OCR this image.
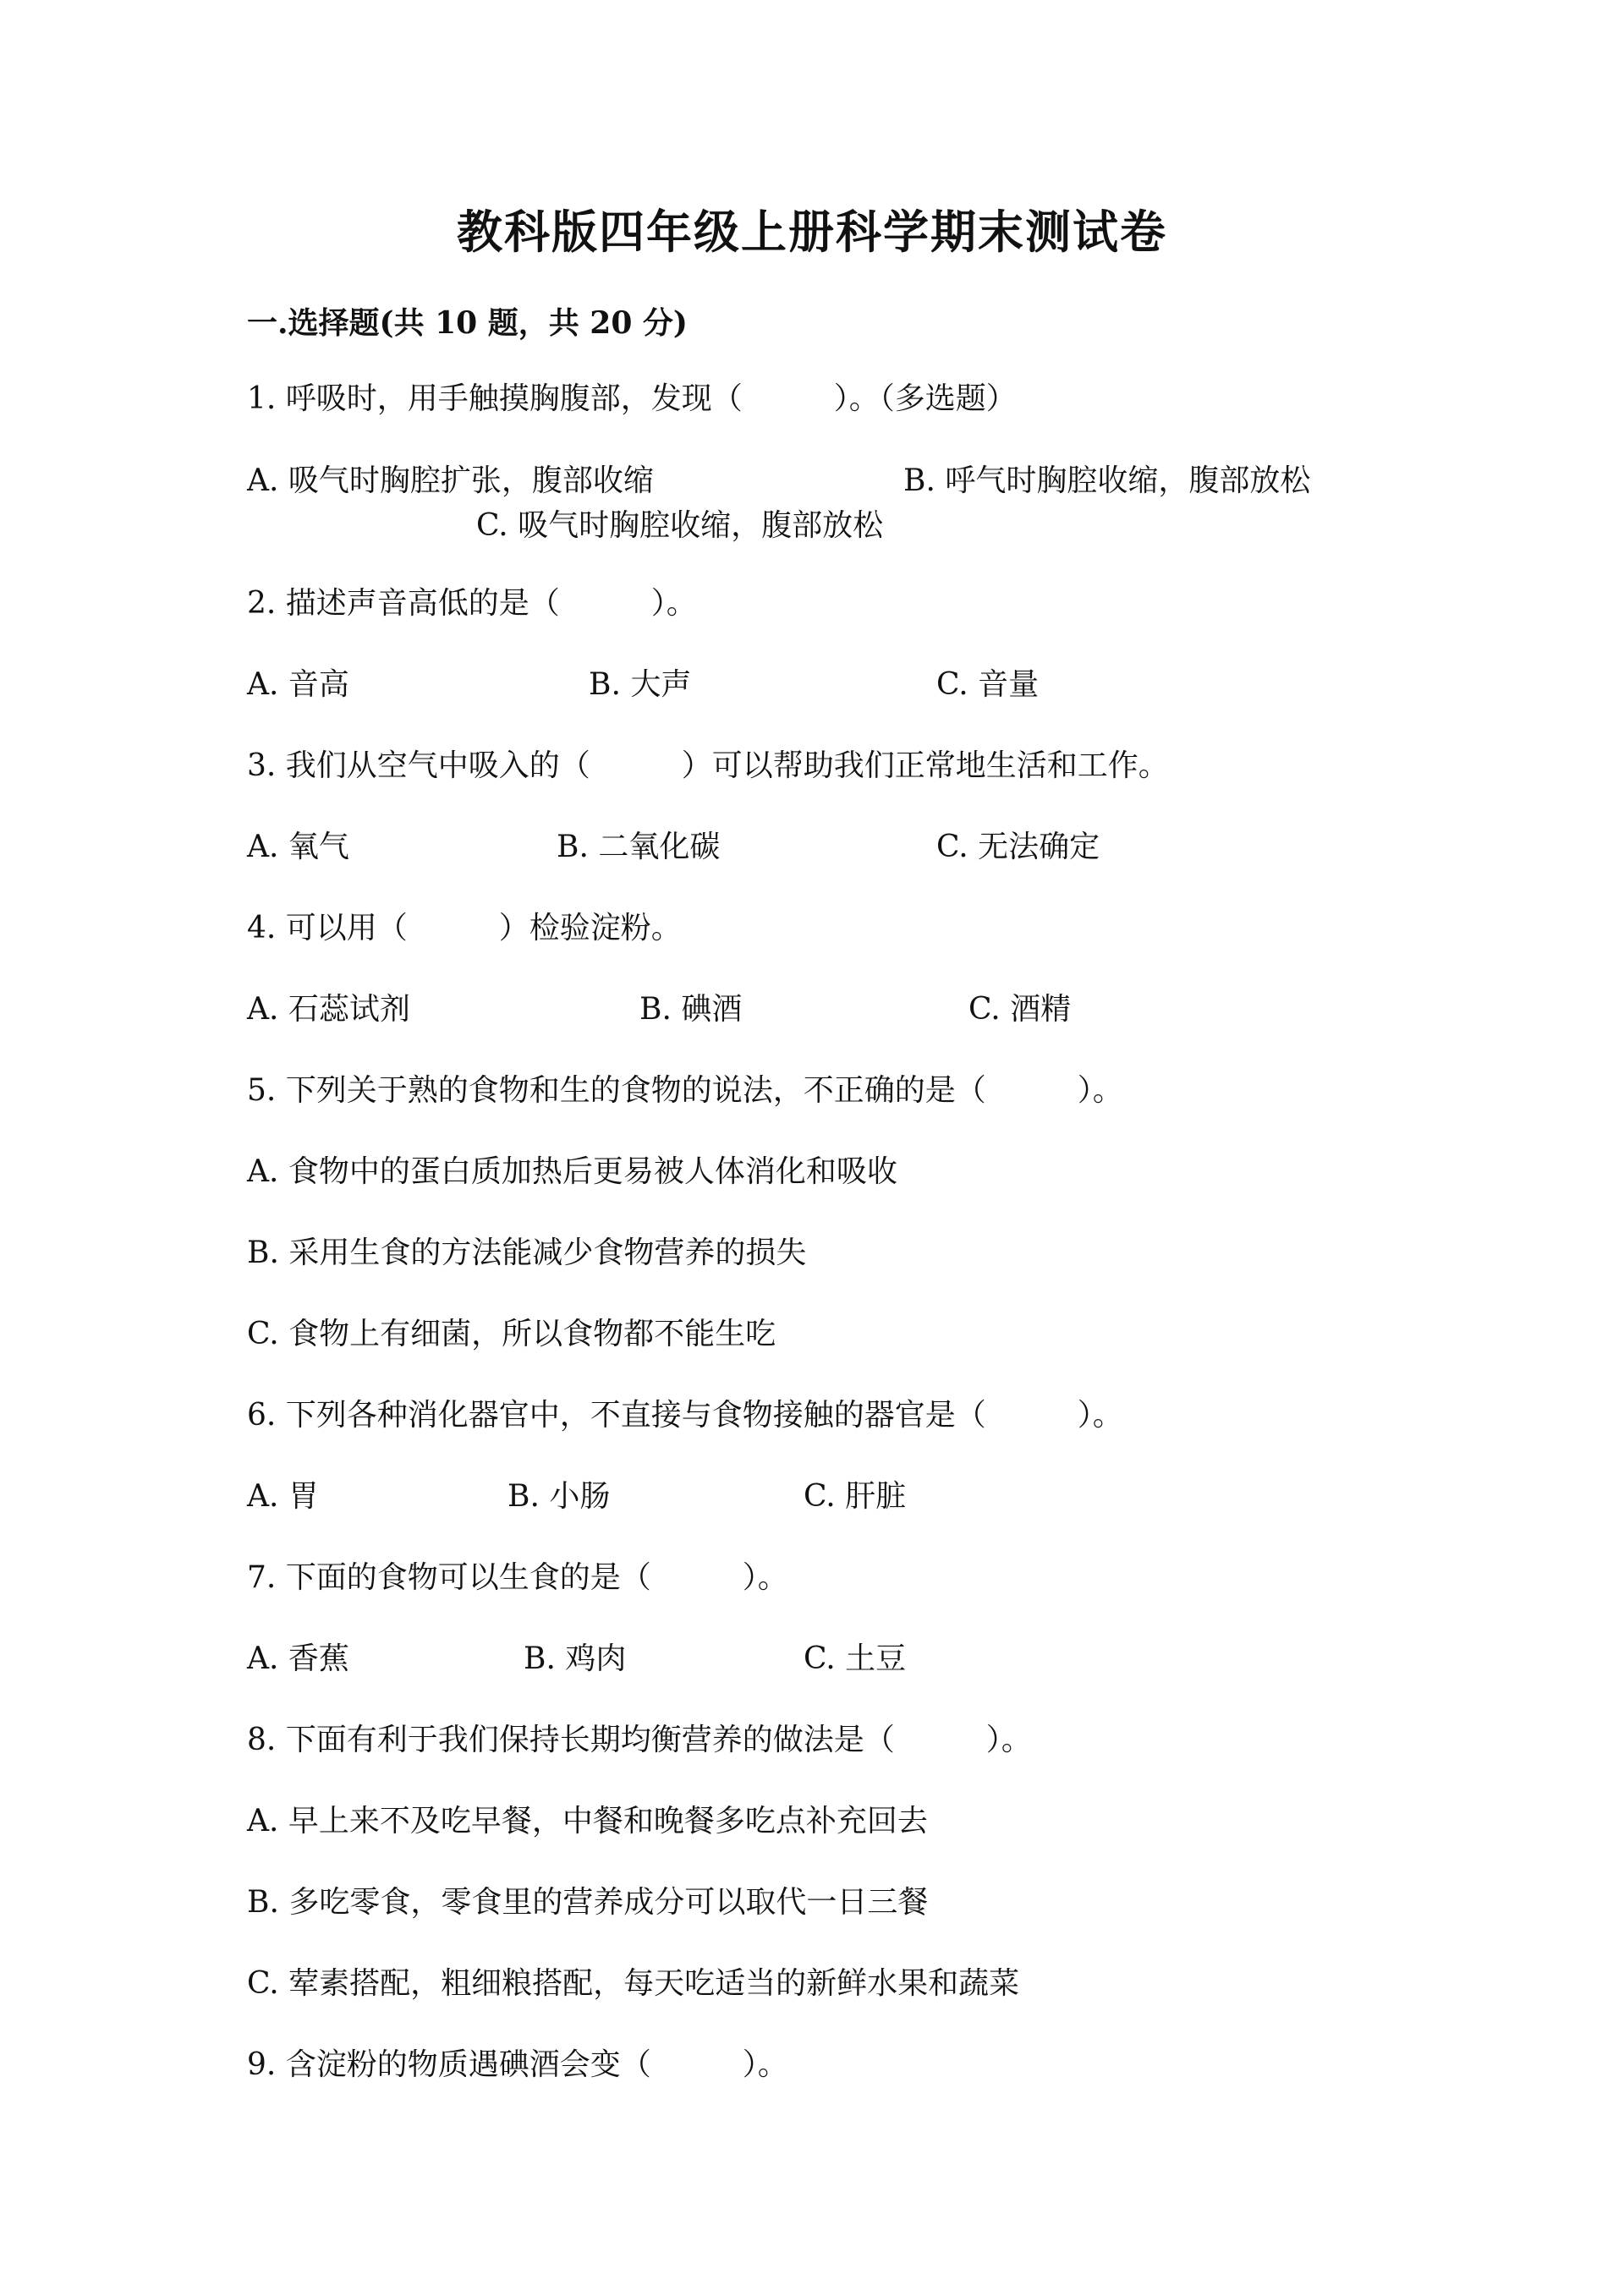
教科版四年级上册科学期末测试卷
一.选择题(共 10 题，共 20 分)
1. 呼吸时，用手触摸胸腹部，发现（　　　）。（多选题）
A. 吸气时胸腔扩张，腹部收缩	B. 呼气时胸腔收缩，腹部放松
C. 吸气时胸腔收缩，腹部放松
2. 描述声音高低的是（　　　）。
A. 音高	B. 大声	C. 音量
3. 我们从空气中吸入的（　　　）可以帮助我们正常地生活和工作。
A. 氧气	B. 二氧化碳	C. 无法确定
4. 可以用（　　　）检验淀粉。
A. 石蕊试剂	B. 碘酒	C. 酒精
5. 下列关于熟的食物和生的食物的说法，不正确的是（　　　）。
A. 食物中的蛋白质加热后更易被人体消化和吸收
B. 采用生食的方法能减少食物营养的损失
C. 食物上有细菌，所以食物都不能生吃
6. 下列各种消化器官中，不直接与食物接触的器官是（　　　）。
A. 胃	B. 小肠	C. 肝脏
7. 下面的食物可以生食的是（　　　）。
A. 香蕉	B. 鸡肉	C. 土豆
8. 下面有利于我们保持长期均衡营养的做法是（　　　）。
A. 早上来不及吃早餐，中餐和晚餐多吃点补充回去
B. 多吃零食，零食里的营养成分可以取代一日三餐
C. 荤素搭配，粗细粮搭配，每天吃适当的新鲜水果和蔬菜
9. 含淀粉的物质遇碘酒会变（　　　）。
